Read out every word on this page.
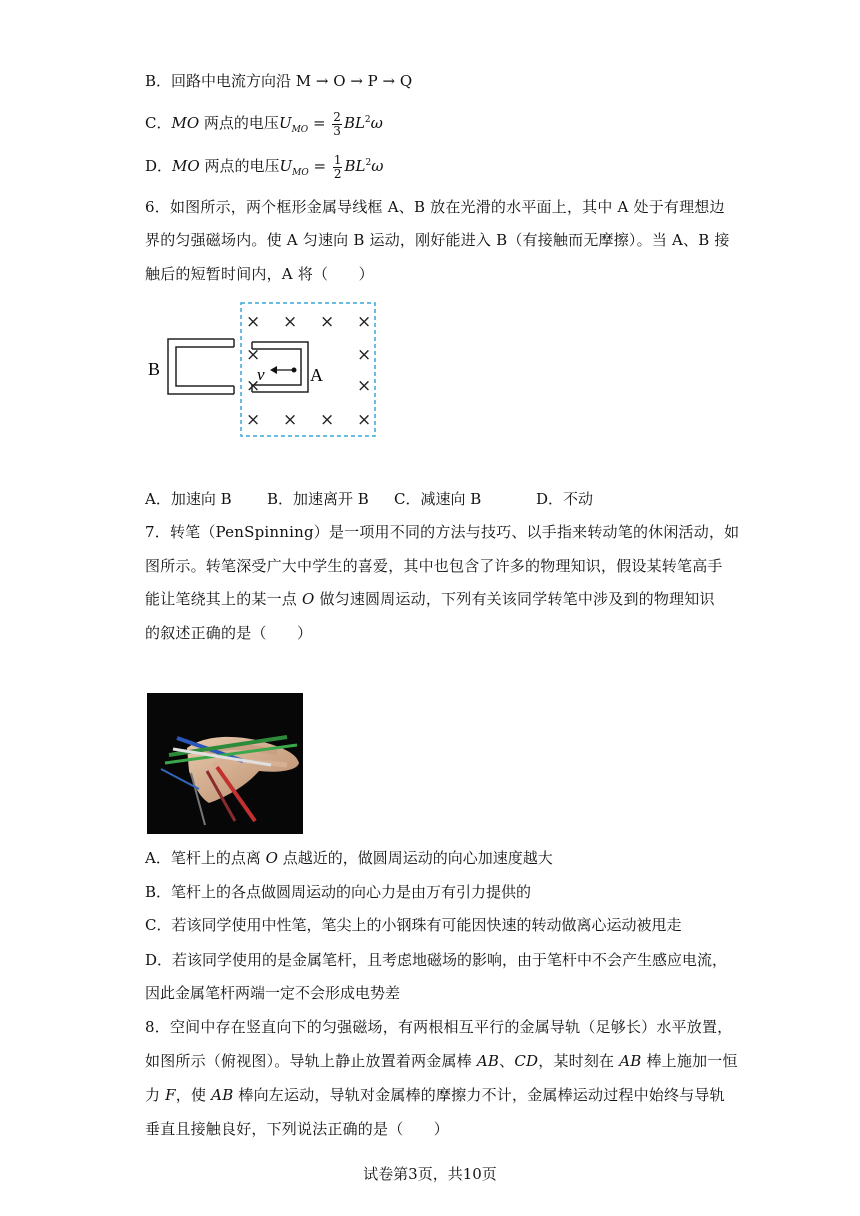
B．回路中电流方向沿 M → O → P → Q
C．MO 两点的电压$U_{MO} = \frac{2}{3} BL^2\omega$
D．MO 两点的电压$U_{MO} = \frac{1}{2} BL^2\omega$
6．如图所示，两个框形金属导线框 A、B 放在光滑的水平面上，其中 A 处于有理想边
界的匀强磁场内。使 A 匀速向 B 运动，刚好能进入 B（有接触而无摩擦）。当 A、B 接
触后的短暂时间内，A 将（　　）
v	A
B
× × × ×
×	×
×	×
× × × ×
A．加速向 B B．加速离开 B C．减速向 B	D．不动
7．转笔（PenSpinning）是一项用不同的方法与技巧、以手指来转动笔的休闲活动，如
图所示。转笔深受广大中学生的喜爱，其中也包含了许多的物理知识，假设某转笔高手
能让笔绕其上的某一点 O 做匀速圆周运动，下列有关该同学转笔中涉及到的物理知识
的叙述正确的是（　　）
A．笔杆上的点离 O 点越近的，做圆周运动的向心加速度越大
B．笔杆上的各点做圆周运动的向心力是由万有引力提供的
C．若该同学使用中性笔，笔尖上的小钢珠有可能因快速的转动做离心运动被甩走
D．若该同学使用的是金属笔杆，且考虑地磁场的影响，由于笔杆中不会产生感应电流，
因此金属笔杆两端一定不会形成电势差
8．空间中存在竖直向下的匀强磁场，有两根相互平行的金属导轨（足够长）水平放置，
如图所示（俯视图）。导轨上静止放置着两金属棒 AB、CD，某时刻在 AB 棒上施加一恒
力 F，使 AB 棒向左运动，导轨对金属棒的摩擦力不计，金属棒运动过程中始终与导轨
垂直且接触良好，下列说法正确的是（　　）
试卷第3页，共10页
